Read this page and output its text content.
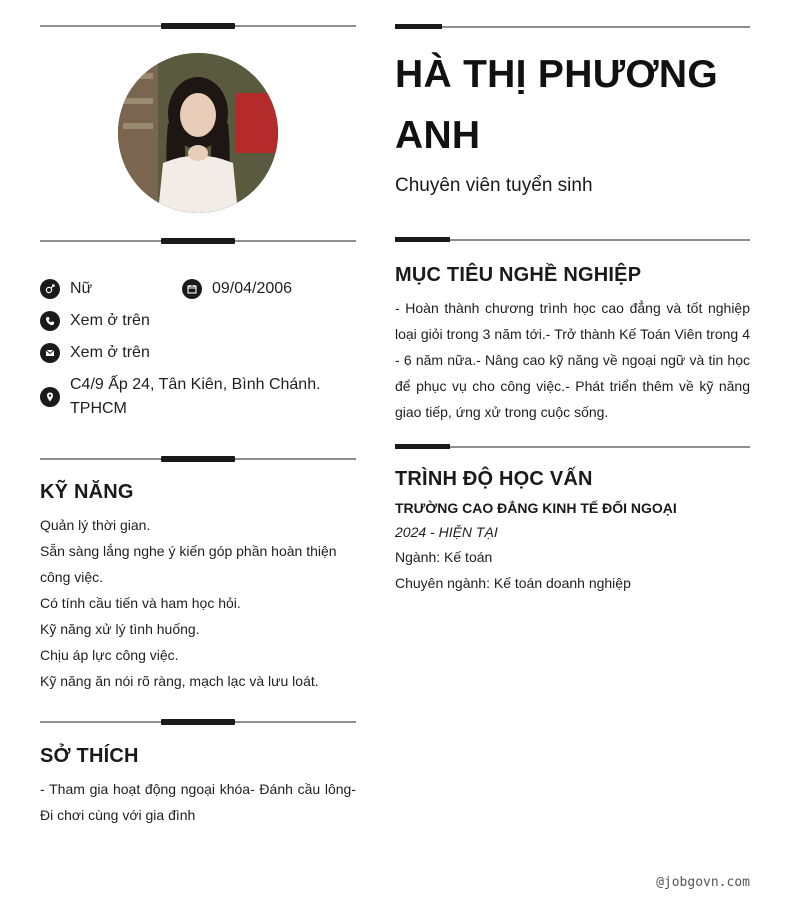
Nữ	09/04/2006
Xem ở trên
Xem ở trên
C4/9 Ấp 24, Tân Kiên, Bình Chánh. TPHCM
KỸ NĂNG
Quản lý thời gian.
Sẵn sàng lắng nghe ý kiến góp phần hoàn thiện công việc.
Có tính cầu tiến và ham học hỏi.
Kỹ năng xử lý tình huống.
Chịu áp lực công việc.
Kỹ năng ăn nói rõ ràng, mạch lạc và lưu loát.
SỞ THÍCH
- Tham gia hoạt động ngoại khóa- Đánh cầu lông- Đi chơi cùng với gia đình
HÀ THỊ PHƯƠNG ANH
Chuyên viên tuyển sinh
MỤC TIÊU NGHỀ NGHIỆP
- Hoàn thành chương trình học cao đẳng và tốt nghiệp loại giỏi trong 3 năm tới.- Trở thành Kế Toán Viên trong 4 - 6 năm nữa.- Nâng cao kỹ năng về ngoại ngữ và tin học để phục vụ cho công việc.- Phát triển thêm về kỹ năng giao tiếp, ứng xử trong cuộc sống.
TRÌNH ĐỘ HỌC VẤN
TRƯỜNG CAO ĐẲNG KINH TẾ ĐỐI NGOẠI
2024 - HIỆN TẠI
Ngành: Kế toán
Chuyên ngành: Kế toán doanh nghiệp
@jobgovn.com
